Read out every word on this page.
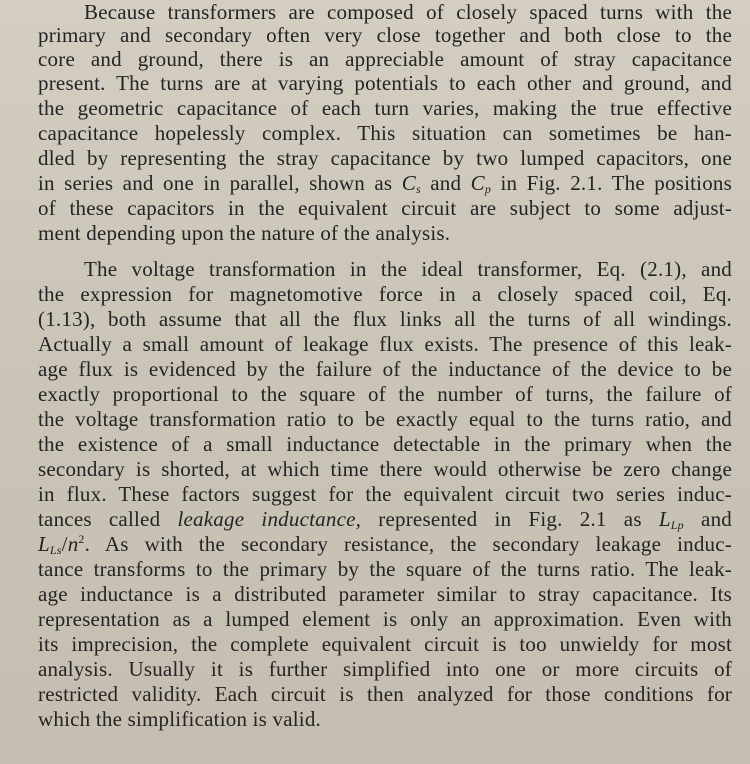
Because transformers are composed of closely spaced turns with the
primary and secondary often very close together and both close to the
core and ground, there is an appreciable amount of stray capacitance
present. The turns are at varying potentials to each other and ground, and
the geometric capacitance of each turn varies, making the true effective
capacitance hopelessly complex. This situation can sometimes be han-
dled by representing the stray capacitance by two lumped capacitors, one
in series and one in parallel, shown as $C_s$ and $C_p$ in Fig. 2.1. The positions
of these capacitors in the equivalent circuit are subject to some adjust-
ment depending upon the nature of the analysis.
The voltage transformation in the ideal transformer, Eq. (2.1), and
the expression for magnetomotive force in a closely spaced coil, Eq.
(1.13), both assume that all the flux links all the turns of all windings.
Actually a small amount of leakage flux exists. The presence of this leak-
age flux is evidenced by the failure of the inductance of the device to be
exactly proportional to the square of the number of turns, the failure of
the voltage transformation ratio to be exactly equal to the turns ratio, and
the existence of a small inductance detectable in the primary when the
secondary is shorted, at which time there would otherwise be zero change
in flux. These factors suggest for the equivalent circuit two series induc-
tances called leakage inductance, represented in Fig. 2.1 as $L_{Lp}$ and
$L_{Ls}/n^2$. As with the secondary resistance, the secondary leakage induc-
tance transforms to the primary by the square of the turns ratio. The leak-
age inductance is a distributed parameter similar to stray capacitance. Its
representation as a lumped element is only an approximation. Even with
its imprecision, the complete equivalent circuit is too unwieldy for most
analysis. Usually it is further simplified into one or more circuits of
restricted validity. Each circuit is then analyzed for those conditions for
which the simplification is valid.
